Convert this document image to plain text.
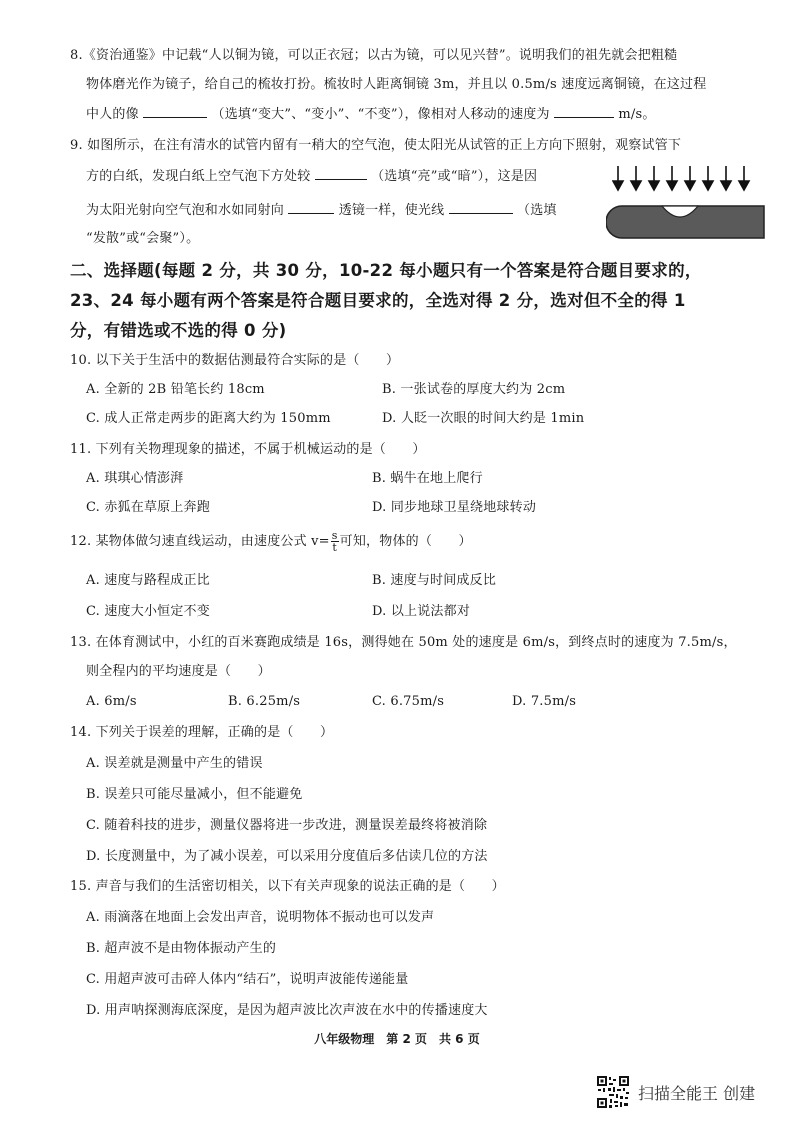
8.《资治通鉴》中记载“人以铜为镜，可以正衣冠；以古为镜，可以见兴替”。说明我们的祖先就会把粗糙
物体磨光作为镜子，给自己的梳妆打扮。梳妆时人距离铜镜 3m，并且以 0.5m/s 速度远离铜镜，在这过程
中人的像	（选填“变大”、“变小”、“不变”），像相对人移动的速度为	m/s。
9. 如图所示，在注有清水的试管内留有一稍大的空气泡，使太阳光从试管的正上方向下照射，观察试管下
方的白纸，发现白纸上空气泡下方处较	（选填“亮”或“暗”），这是因
为太阳光射向空气泡和水如同射向	透镜一样，使光线	（选填
“发散”或“会聚”）。
二、选择题(每题 2 分，共 30 分，10-22 每小题只有一个答案是符合题目要求的，
23、24 每小题有两个答案是符合题目要求的，全选对得 2 分，选对但不全的得 1
分，有错选或不选的得 0 分)
10. 以下关于生活中的数据估测最符合实际的是（　　）
A. 全新的 2B 铅笔长约 18cm	B. 一张试卷的厚度大约为 2cm
C. 成人正常走两步的距离大约为 150mm	D. 人眨一次眼的时间大约是 1min
11. 下列有关物理现象的描述，不属于机械运动的是（　　）
A. 琪琪心情澎湃	B. 蜗牛在地上爬行
C. 赤狐在草原上奔跑	D. 同步地球卫星绕地球转动
12. 某物体做匀速直线运动，由速度公式 $v= \frac{s}{t}$ 可知，物体的（　　）
A. 速度与路程成正比	B. 速度与时间成反比
C. 速度大小恒定不变	D. 以上说法都对
13. 在体育测试中，小红的百米赛跑成绩是 16s，测得她在 50m 处的速度是 6m/s，到终点时的速度为 7.5m/s，
则全程内的平均速度是（　　）
A. 6m/s	B. 6.25m/s	C. 6.75m/s	D. 7.5m/s
14. 下列关于误差的理解，正确的是（　　）
A. 误差就是测量中产生的错误
B. 误差只可能尽量减小，但不能避免
C. 随着科技的进步，测量仪器将进一步改进，测量误差最终将被消除
D. 长度测量中，为了减小误差，可以采用分度值后多估读几位的方法
15. 声音与我们的生活密切相关，以下有关声现象的说法正确的是（　　）
A. 雨滴落在地面上会发出声音，说明物体不振动也可以发声
B. 超声波不是由物体振动产生的
C. 用超声波可击碎人体内“结石”，说明声波能传递能量
D. 用声呐探测海底深度，是因为超声波比次声波在水中的传播速度大
八年级物理　第 2 页　共 6 页
扫描全能王 创建
